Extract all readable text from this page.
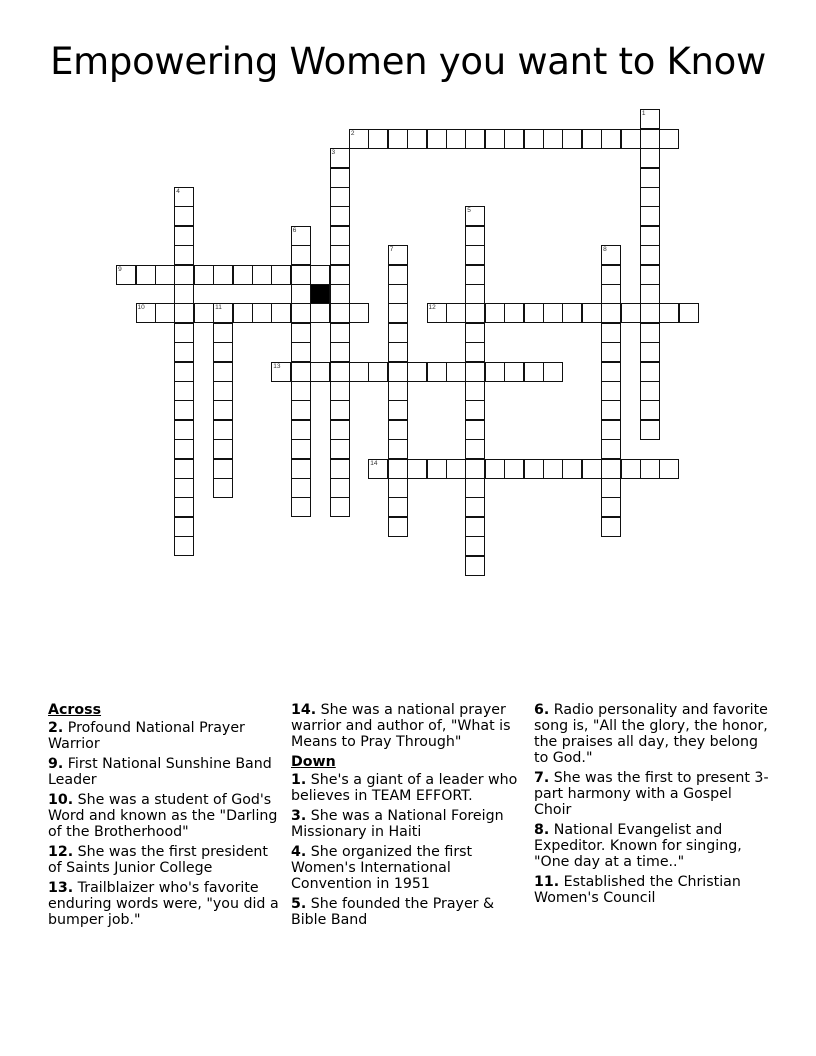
Empowering Women you want to Know
1
2
3
4
5
6
7	8
9
10	11	12
13
14
Across
2. Profound National Prayer Warrior
9. First National Sunshine Band Leader
10. She was a student of God's Word and known as the "Darling of the Brotherhood"
12. She was the first president of Saints Junior College
13. Trailblaizer who's favorite enduring words were, "you did a bumper job."
14. She was a national prayer warrior and author of, "What is Means to Pray Through"
Down
1. She's a giant of a leader who believes in TEAM EFFORT.
3. She was a National Foreign Missionary in Haiti
4. She organized the first Women's International Convention in 1951
5. She founded the Prayer & Bible Band
6. Radio personality and favorite song is, "All the glory, the honor, the praises all day, they belong to God."
7. She was the first to present 3-part harmony with a Gospel Choir
8. National Evangelist and Expeditor. Known for singing, "One day at a time.."
11. Established the Christian Women's Council
